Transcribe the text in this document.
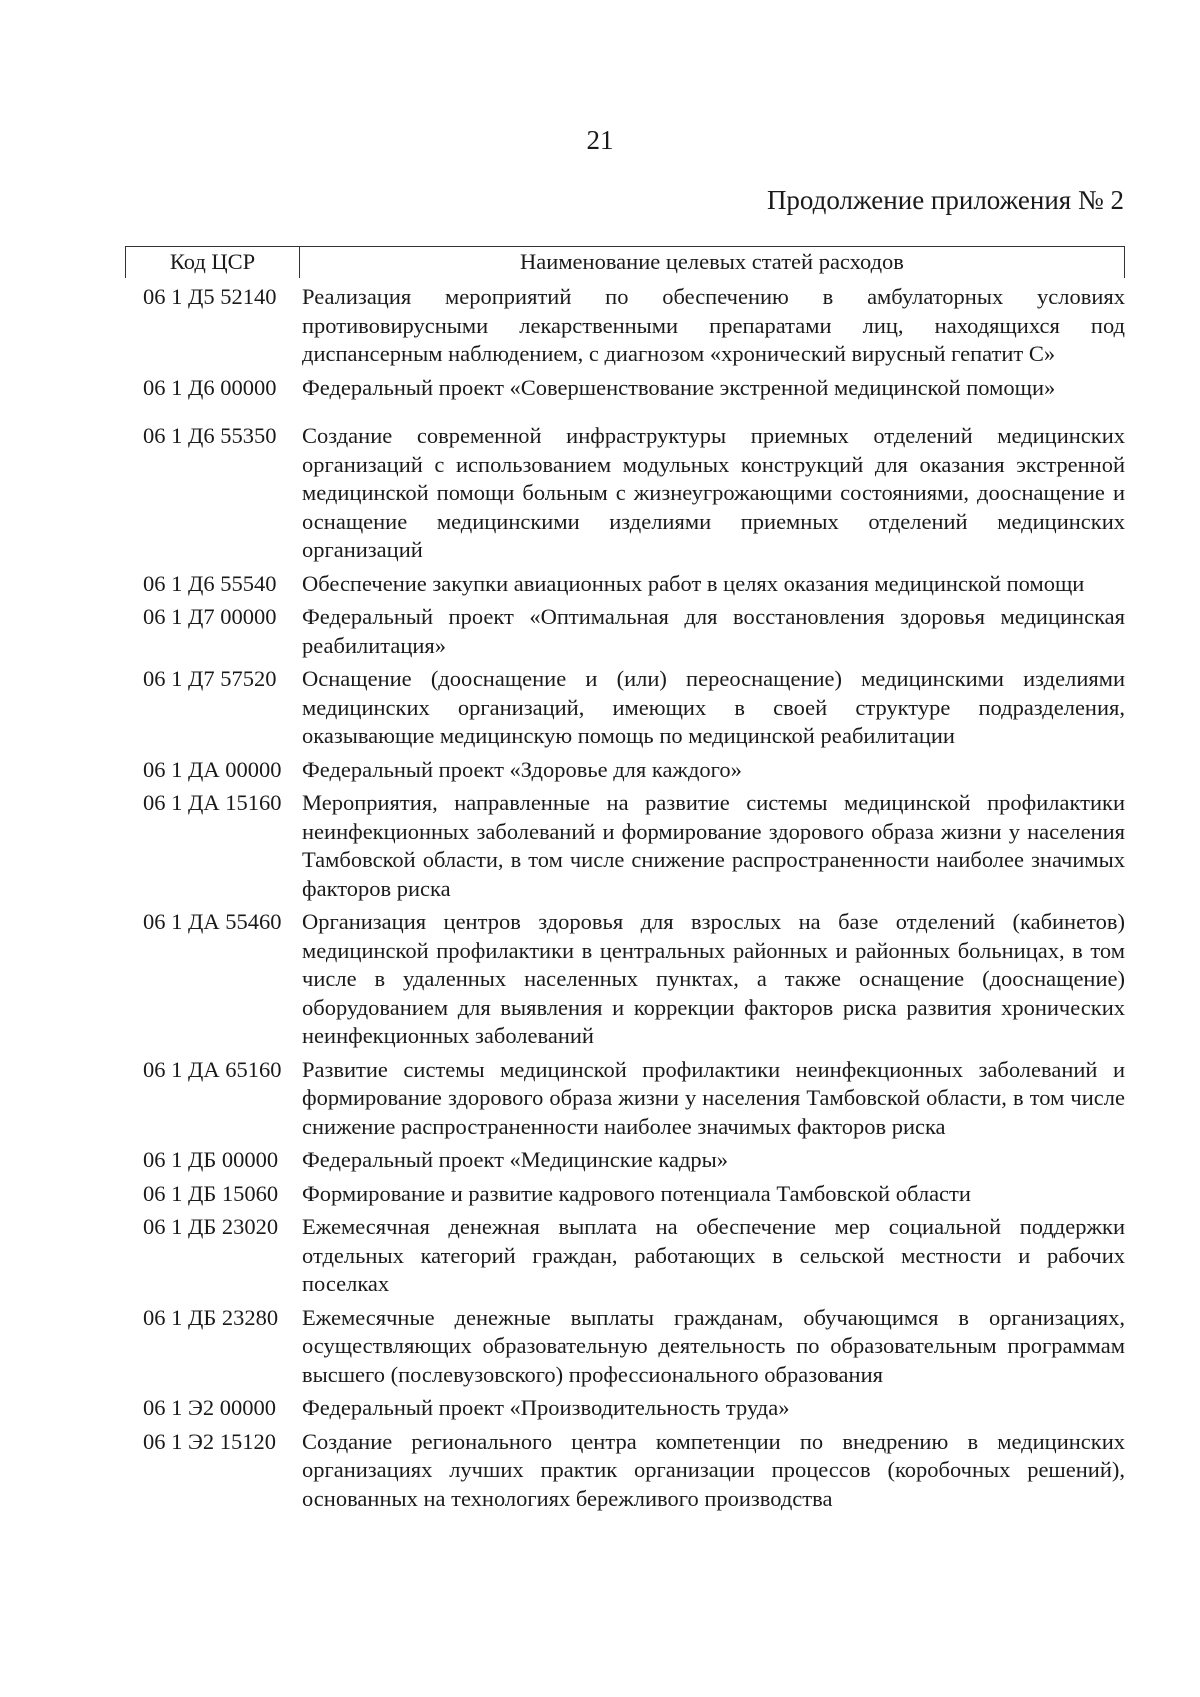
21
Продолжение приложения № 2
Код ЦСР	Наименование целевых статей расходов
06 1 Д5 52140	Реализация мероприятий по обеспечению в амбулаторных условиях противовирусными лекарственными препаратами лиц, находящихся под диспансерным наблюдением, с диагнозом «хронический вирусный гепатит С»
06 1 Д6 00000	Федеральный проект «Совершенствование экстренной медицинской помощи»
06 1 Д6 55350	Создание современной инфраструктуры приемных отделений медицинских организаций с использованием модульных конструкций для оказания экстренной медицинской помощи больным с жизнеугрожающими состояниями, дооснащение и оснащение медицинскими изделиями приемных отделений медицинских организаций
06 1 Д6 55540	Обеспечение закупки авиационных работ в целях оказания медицинской помощи
06 1 Д7 00000	Федеральный проект «Оптимальная для восстановления здоровья медицинская реабилитация»
06 1 Д7 57520	Оснащение (дооснащение и (или) переоснащение) медицинскими изделиями медицинских организаций, имеющих в своей структуре подразделения, оказывающие медицинскую помощь по медицинской реабилитации
06 1 ДА 00000 Федеральный проект «Здоровье для каждого»
06 1 ДА 15160 Мероприятия, направленные на развитие системы медицинской профилактики неинфекционных заболеваний и формирование здорового образа жизни у населения Тамбовской области, в том числе снижение распространенности наиболее значимых факторов риска
06 1 ДА 55460 Организация центров здоровья для взрослых на базе отделений (кабинетов) медицинской профилактики в центральных районных и районных больницах, в том числе в удаленных населенных пунктах, а также оснащение (дооснащение) оборудованием для выявления и коррекции факторов риска развития хронических неинфекционных заболеваний
06 1 ДА 65160 Развитие системы медицинской профилактики неинфекционных заболеваний и формирование здорового образа жизни у населения Тамбовской области, в том числе снижение распространенности наиболее значимых факторов риска
06 1 ДБ 00000	Федеральный проект «Медицинские кадры»
06 1 ДБ 15060	Формирование и развитие кадрового потенциала Тамбовской области
06 1 ДБ 23020	Ежемесячная денежная выплата на обеспечение мер социальной поддержки отдельных категорий граждан, работающих в сельской местности и рабочих поселках
06 1 ДБ 23280	Ежемесячные денежные выплаты гражданам, обучающимся в организациях, осуществляющих образовательную деятельность по образовательным программам высшего (послевузовского) профессионального образования
06 1 Э2 00000	Федеральный проект «Производительность труда»
06 1 Э2 15120	Создание регионального центра компетенции по внедрению в медицинских организациях лучших практик организации процессов (коробочных решений), основанных на технологиях бережливого производства
